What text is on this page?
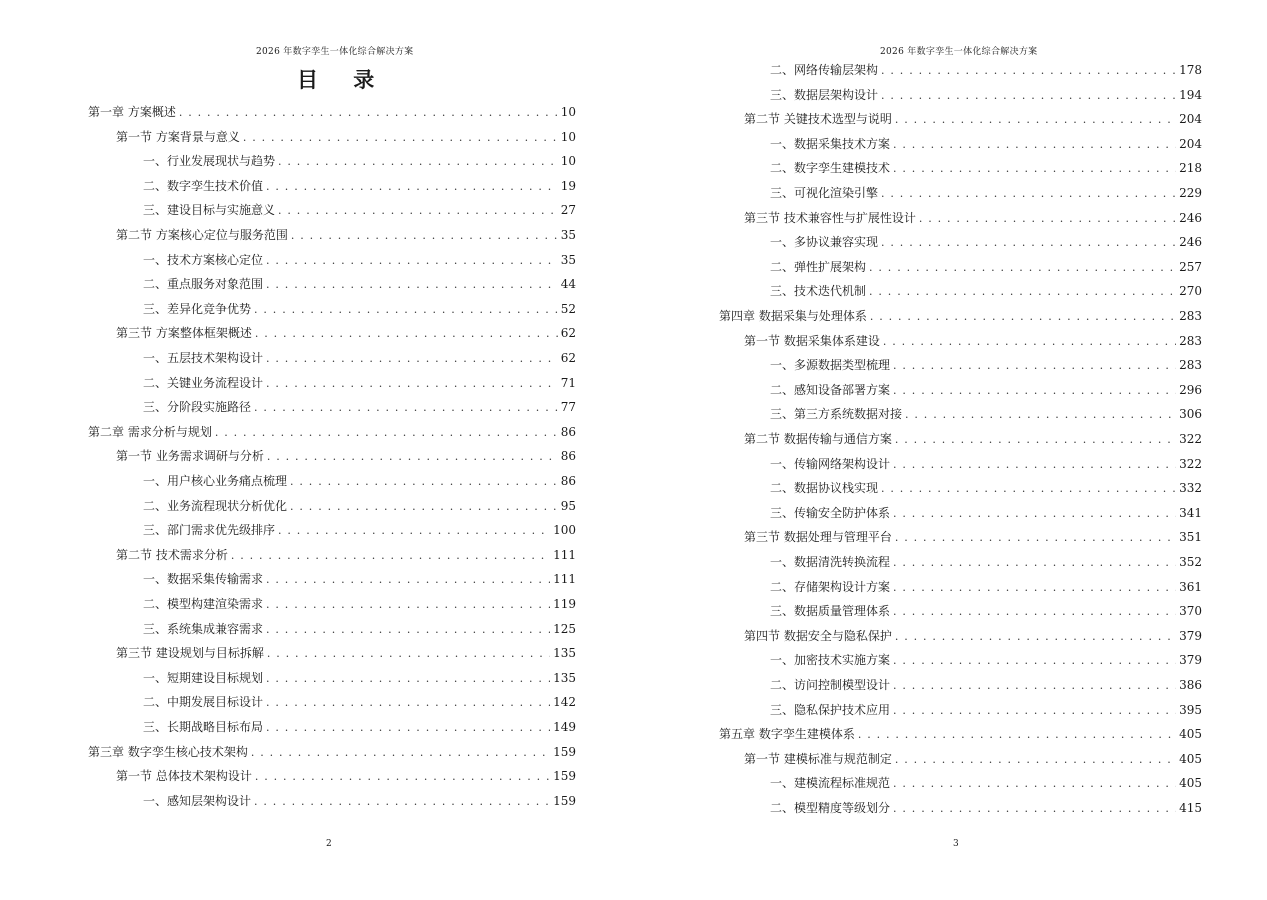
2026 年数字孪生一体化综合解决方案
目 录
第一章 方案概述 . . .	10
第一节 方案背景与意义 . . .	10
一、行业发展现状与趋势 . . .	10
二、数字孪生技术价值 . . .	19
三、建设目标与实施意义 . . .	27
第二节 方案核心定位与服务范围 . . .	35
一、技术方案核心定位 . . .	35
二、重点服务对象范围 . . .	44
三、差异化竞争优势 . . .	52
第三节 方案整体框架概述 . . .	62
一、五层技术架构设计 . . .	62
二、关键业务流程设计 . . .	71
三、分阶段实施路径 . . .	77
第二章 需求分析与规划 . . .	86
第一节 业务需求调研与分析 . . .	86
一、用户核心业务痛点梳理 . . .	86
二、业务流程现状分析优化 . . .	95
三、部门需求优先级排序 . . .	100
第二节 技术需求分析 . . .	111
一、数据采集传输需求 . . .	111
二、模型构建渲染需求 . . .	119
三、系统集成兼容需求 . . .	125
第三节 建设规划与目标拆解 . . .	135
一、短期建设目标规划 . . .	135
二、中期发展目标设计 . . .	142
三、长期战略目标布局 . . .	149
第三章 数字孪生核心技术架构 . . .	159
第一节 总体技术架构设计 . . .	159
一、感知层架构设计 . . .	159
2
2026 年数字孪生一体化综合解决方案
二、网络传输层架构 . . .	178
三、数据层架构设计 . . .	194
第二节 关键技术选型与说明 . . .	204
一、数据采集技术方案 . . .	204
二、数字孪生建模技术 . . .	218
三、可视化渲染引擎 . . .	229
第三节 技术兼容性与扩展性设计 . . .	246
一、多协议兼容实现 . . .	246
二、弹性扩展架构 . . .	257
三、技术迭代机制 . . .	270
第四章 数据采集与处理体系 . . .	283
第一节 数据采集体系建设 . . .	283
一、多源数据类型梳理 . . .	283
二、感知设备部署方案 . . .	296
三、第三方系统数据对接 . . .	306
第二节 数据传输与通信方案 . . .	322
一、传输网络架构设计 . . .	322
二、数据协议栈实现 . . .	332
三、传输安全防护体系 . . .	341
第三节 数据处理与管理平台 . . .	351
一、数据清洗转换流程 . . .	352
二、存储架构设计方案 . . .	361
三、数据质量管理体系 . . .	370
第四节 数据安全与隐私保护 . . .	379
一、加密技术实施方案 . . .	379
二、访问控制模型设计 . . .	386
三、隐私保护技术应用 . . .	395
第五章 数字孪生建模体系 . . .	405
第一节 建模标准与规范制定 . . .	405
一、建模流程标准规范 . . .	405
二、模型精度等级划分 . . .	415
3
